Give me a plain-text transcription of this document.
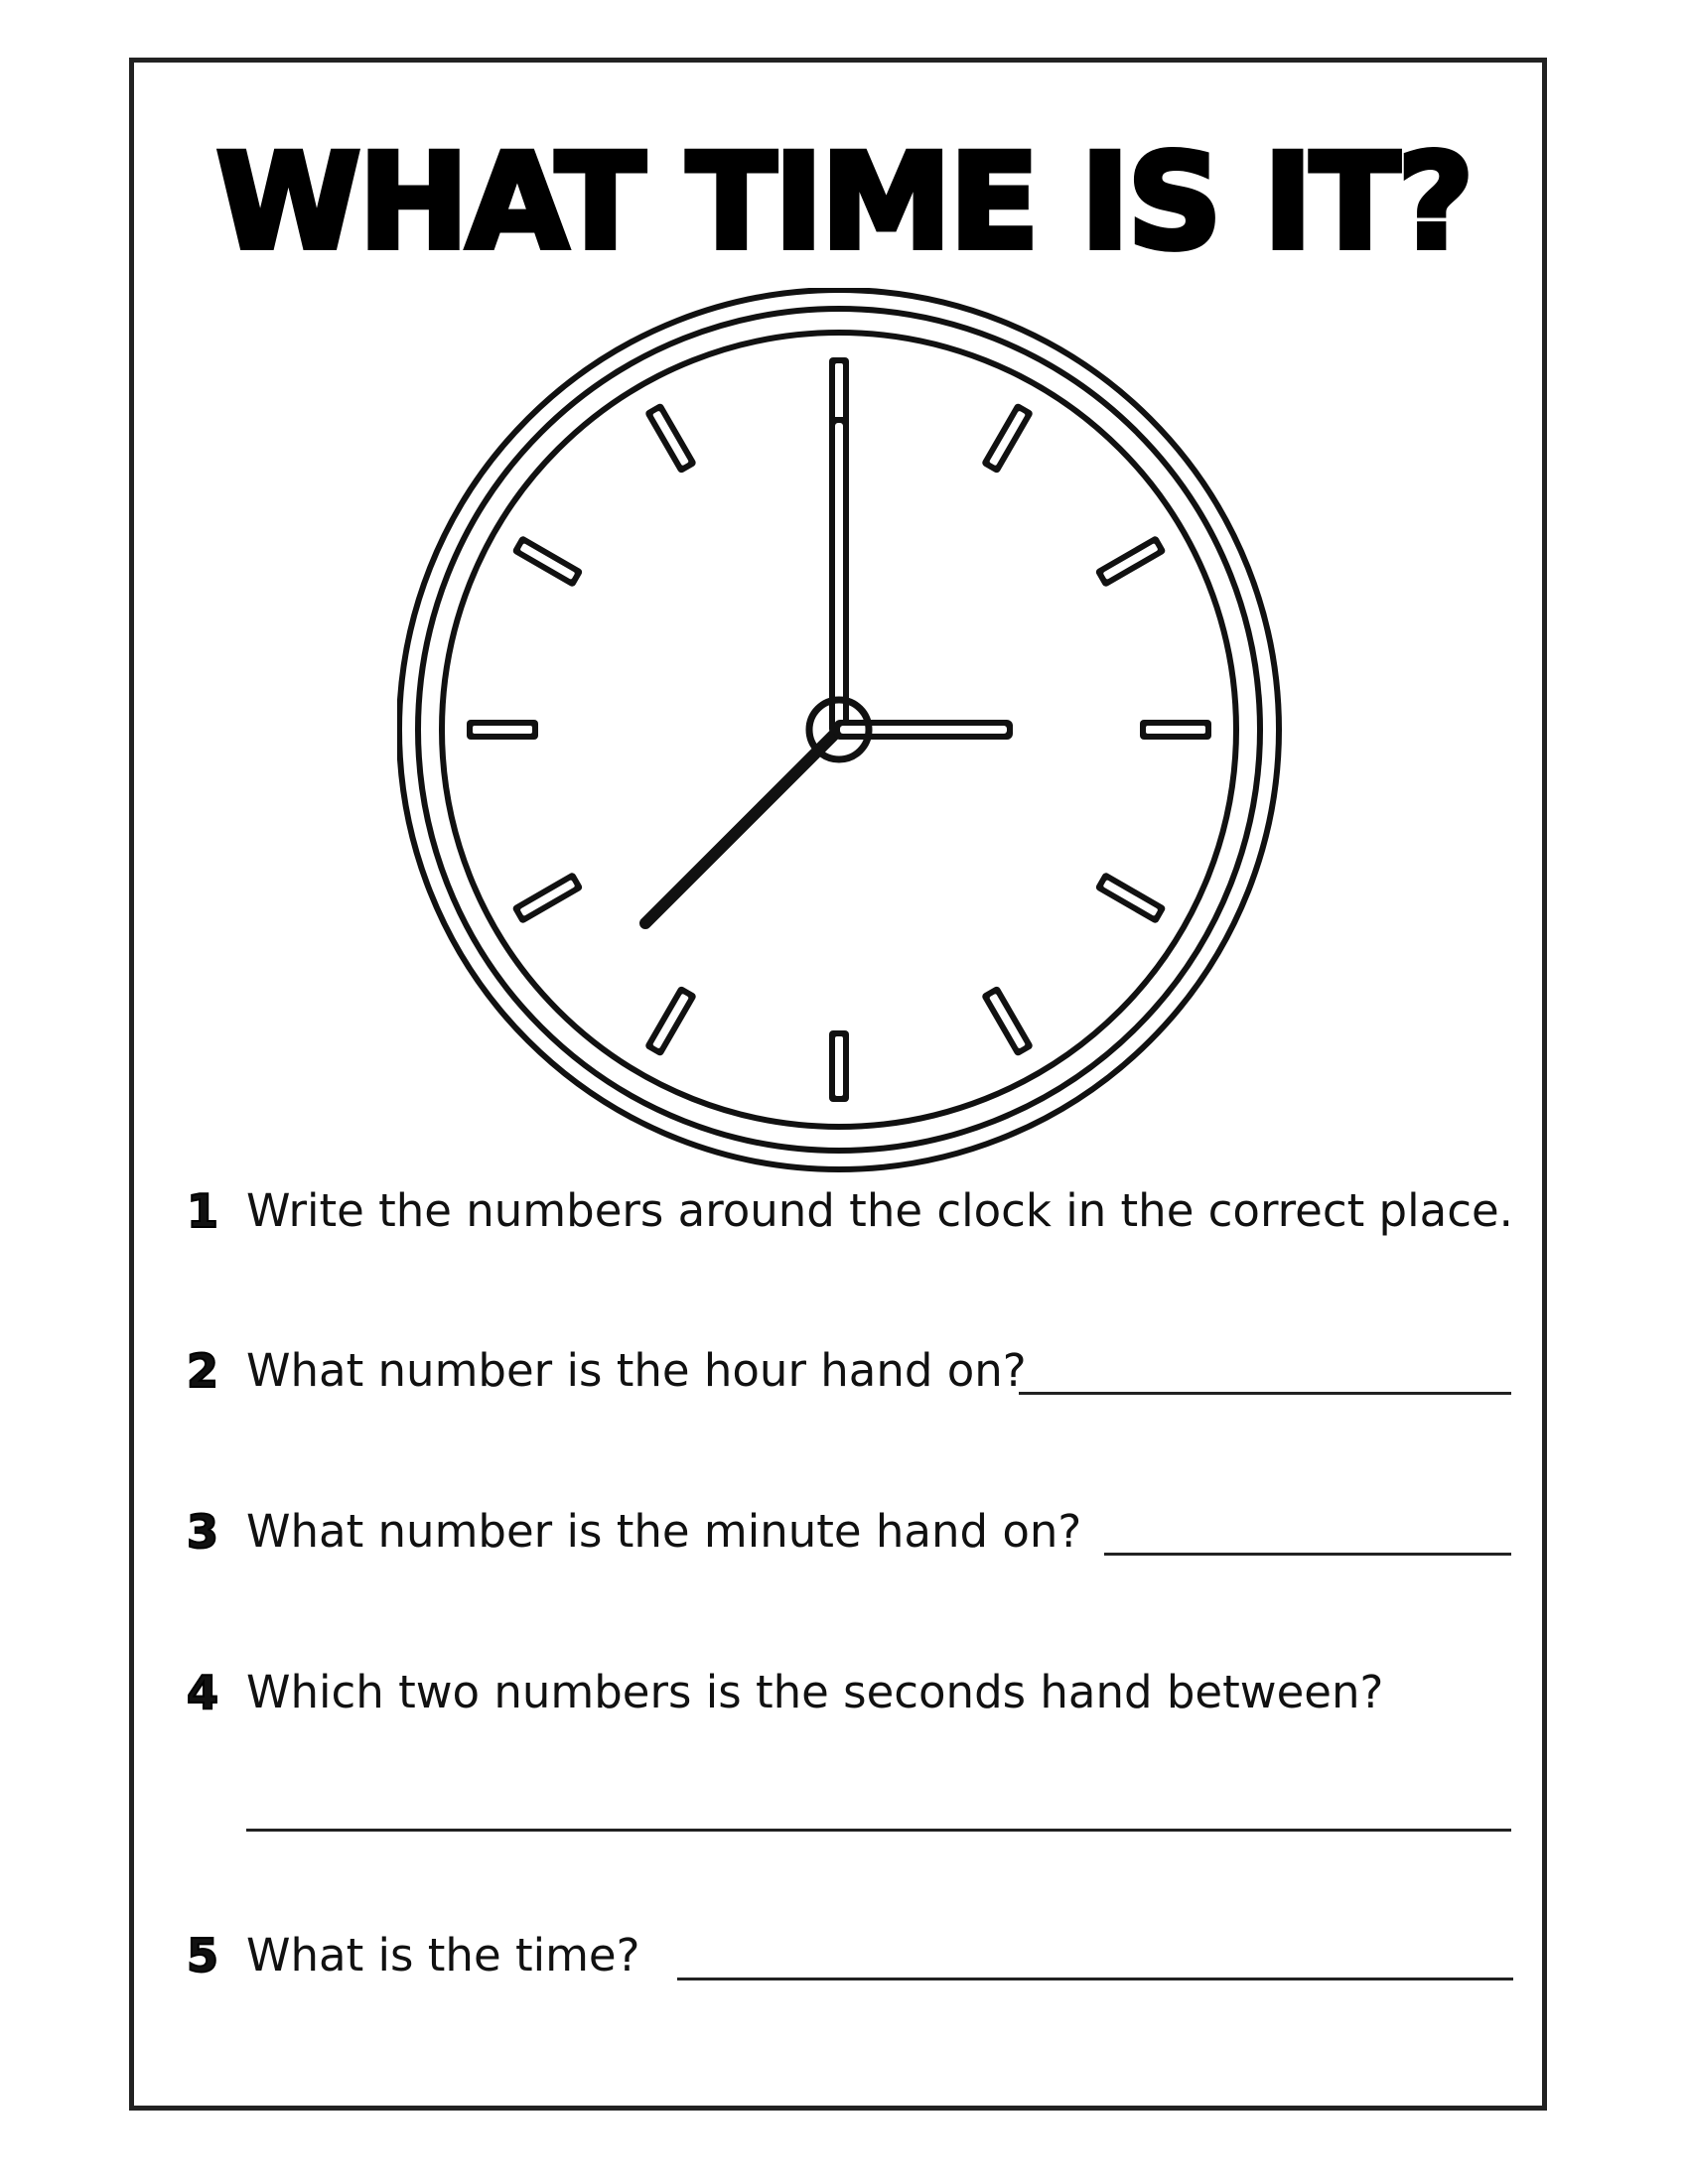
WHAT TIME IS IT?
1 Write the numbers around the clock in the correct place.
2 What number is the hour hand on?
3 What number is the minute hand on?
4 Which two numbers is the seconds hand between?
5 What is the time?
